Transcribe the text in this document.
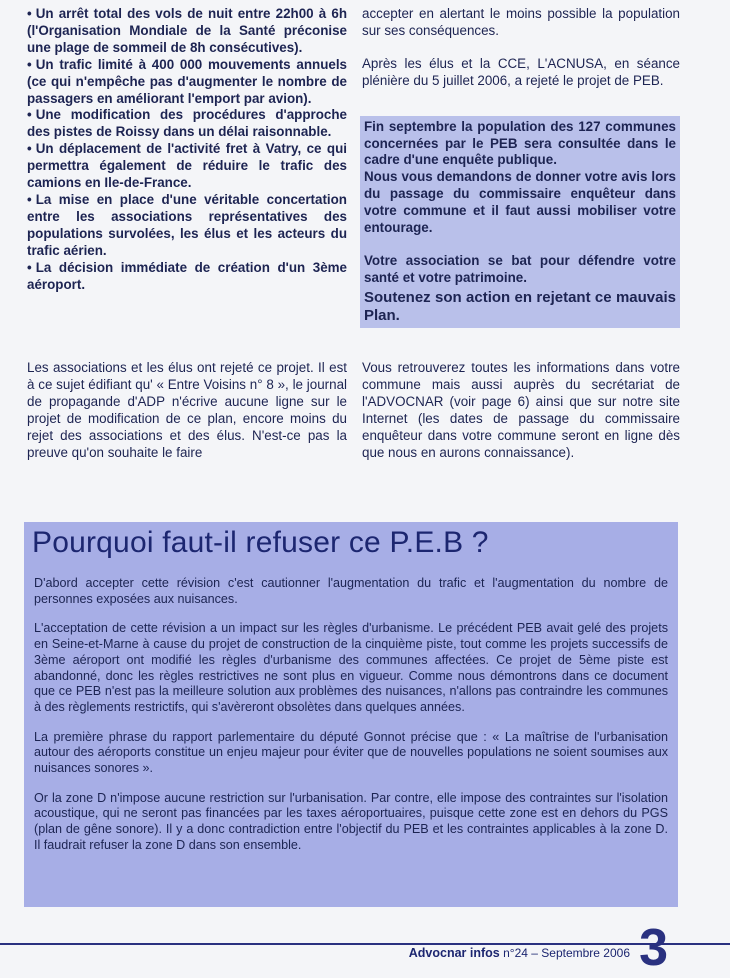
• Un arrêt total des vols de nuit entre 22h00 à 6h (l'Organisation Mondiale de la Santé préconise une plage de sommeil de 8h consécutives).

• Un trafic limité à 400 000 mouvements annuels (ce qui n'empêche pas d'augmenter le nombre de passagers en améliorant l'emport par avion).

• Une modification des procédures d'approche des pistes de Roissy dans un délai raisonnable.

• Un déplacement de l'activité fret à Vatry, ce qui permettra également de réduire le trafic des camions en Ile-de-France.

• La mise en place d'une véritable concertation entre les associations représentatives des populations survolées, les élus et les acteurs du trafic aérien.

• La décision immédiate de création d'un 3ème aéroport.

accepter en alertant le moins possible la population sur ses conséquences.

Après les élus et la CCE, L'ACNUSA, en séance plénière du 5 juillet 2006, a rejeté le projet de PEB.

Fin septembre la population des 127 communes concernées par le PEB sera consultée dans le cadre d'une enquête publique.

Nous vous demandons de donner votre avis lors du passage du commissaire enquêteur dans votre commune et il faut aussi mobiliser votre entourage.

Votre association se bat pour défendre votre santé et votre patrimoine.

Soutenez son action en rejetant ce mauvais Plan.

Les associations et les élus ont rejeté ce projet. Il est à ce sujet édifiant qu' « Entre Voisins n° 8 », le journal de propagande d'ADP n'écrive aucune ligne sur le projet de modification de ce plan, encore moins du rejet des associations et des élus. N'est-ce pas la preuve qu'on souhaite le faire

Vous retrouverez toutes les informations dans votre commune mais aussi auprès du secrétariat de l'ADVOCNAR (voir page 6) ainsi que sur notre site Internet (les dates de passage du commissaire enquêteur dans votre commune seront en ligne dès que nous en aurons connaissance).

Pourquoi faut-il refuser ce P.E.B ?

D'abord accepter cette révision c'est cautionner l'augmentation du trafic et l'augmentation du nombre de personnes exposées aux nuisances.

L'acceptation de cette révision a un impact sur les règles d'urbanisme. Le précédent PEB avait gelé des projets en Seine-et-Marne à cause du projet de construction de la cinquième piste, tout comme les projets successifs de 3ème aéroport ont modifié les règles d'urbanisme des communes affectées. Ce projet de 5ème piste est abandonné, donc les règles restrictives ne sont plus en vigueur. Comme nous démontrons dans ce document que ce PEB n'est pas la meilleure solution aux problèmes des nuisances, n'allons pas contraindre les communes à des règlements restrictifs, qui s'avèreront obsolètes dans quelques années.

La première phrase du rapport parlementaire du député Gonnot précise que : « La maîtrise de l'urbanisation autour des aéroports constitue un enjeu majeur pour éviter que de nouvelles populations ne soient soumises aux nuisances sonores ».

Or la zone D n'impose aucune restriction sur l'urbanisation. Par contre, elle impose des contraintes sur l'isolation acoustique, qui ne seront pas financées par les taxes aéroportuaires, puisque cette zone est en dehors du PGS (plan de gêne sonore). Il y a donc contradiction entre l'objectif du PEB et les contraintes applicables à la zone D. Il faudrait refuser la zone D dans son ensemble.

Advocnar infos n°24 – Septembre 2006 3
